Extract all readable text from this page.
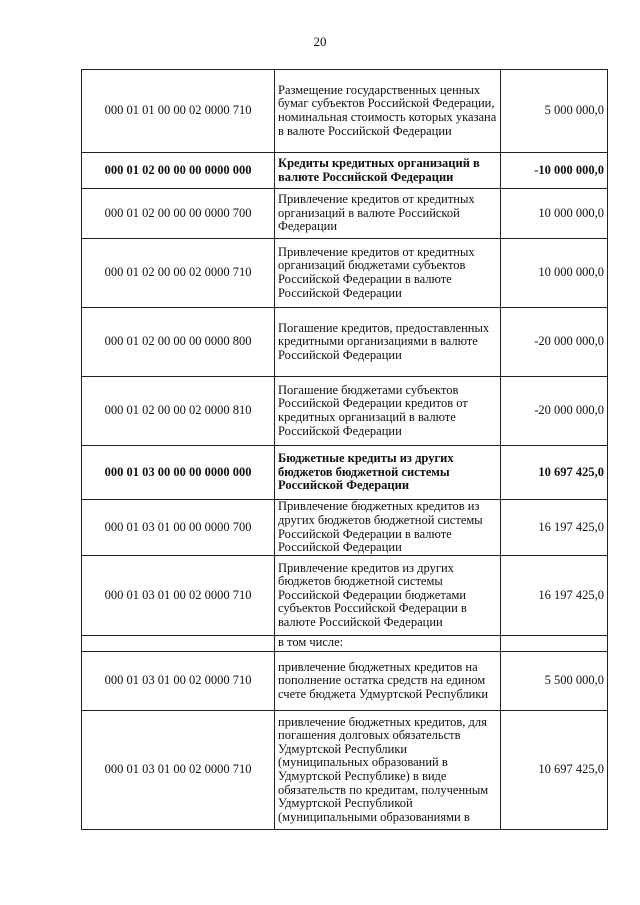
20
000 01 01 00 00 02 0000 710	Размещение государственных ценных бумаг субъектов Российской Федерации, номинальная стоимость которых указана в валюте Российской Федерации	5 000 000,0
000 01 02 00 00 00 0000 000	Кредиты кредитных организаций в валюте Российской Федерации	-10 000 000,0
000 01 02 00 00 00 0000 700	Привлечение кредитов от кредитных организаций в валюте Российской Федерации	10 000 000,0
000 01 02 00 00 02 0000 710	Привлечение кредитов от кредитных организаций бюджетами субъектов Российской Федерации в валюте Российской Федерации	10 000 000,0
000 01 02 00 00 00 0000 800	Погашение кредитов, предоставленных кредитными организациями в валюте Российской Федерации	-20 000 000,0
000 01 02 00 00 02 0000 810	Погашение бюджетами субъектов Российской Федерации кредитов от кредитных организаций в валюте Российской Федерации	-20 000 000,0
000 01 03 00 00 00 0000 000	Бюджетные кредиты из других бюджетов бюджетной системы Российской Федерации	10 697 425,0
000 01 03 01 00 00 0000 700	Привлечение бюджетных кредитов из других бюджетов бюджетной системы Российской Федерации в валюте Российской Федерации	16 197 425,0
000 01 03 01 00 02 0000 710	Привлечение кредитов из других бюджетов бюджетной системы Российской Федерации бюджетами субъектов Российской Федерации в валюте Российской Федерации	16 197 425,0
	в том числе:	
000 01 03 01 00 02 0000 710	привлечение бюджетных кредитов на пополнение остатка средств на едином счете бюджета Удмуртской Республики	5 500 000,0
000 01 03 01 00 02 0000 710	привлечение бюджетных кредитов, для погашения долговых обязательств Удмуртской Республики (муниципальных образований в Удмуртской Республике) в виде обязательств по кредитам, полученным Удмуртской Республикой (муниципальными образованиями в	10 697 425,0
